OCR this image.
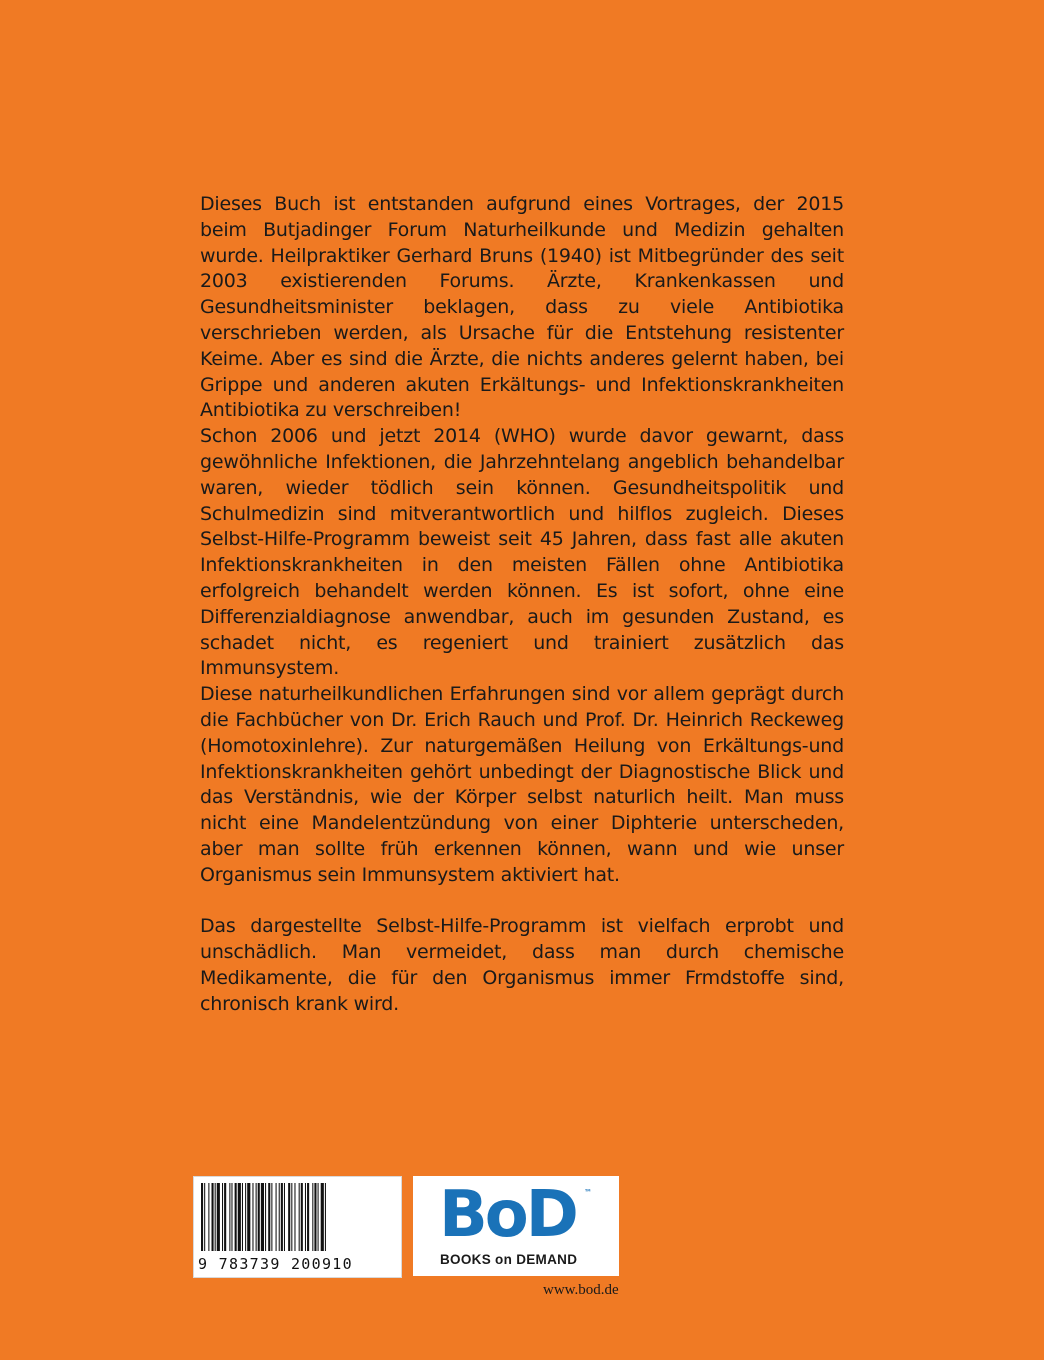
Dieses Buch ist entstanden aufgrund eines Vortrages, der 2015 beim Butjadinger Forum Naturheilkunde und Medizin gehalten wurde. Heilpraktiker Gerhard Bruns (1940) ist Mitbegründer des seit 2003 existierenden Forums. Ärzte, Krankenkassen und Gesundheitsminister beklagen, dass zu viele Antibiotika verschrieben werden, als Ursache für die Entstehung resistenter Keime. Aber es sind die Ärzte, die nichts anderes gelernt haben, bei Grippe und anderen akuten Erkältungs- und Infektionskrankheiten Antibiotika zu verschreiben!

Schon 2006 und jetzt 2014 (WHO) wurde davor gewarnt, dass gewöhnliche Infektionen, die Jahrzehntelang angeblich behandelbar waren, wieder tödlich sein können. Gesundheitspolitik und Schulmedizin sind mitverantwortlich und hilflos zugleich. Dieses Selbst-Hilfe-Programm beweist seit 45 Jahren, dass fast alle akuten Infektionskrankheiten in den meisten Fällen ohne Antibiotika erfolgreich behandelt werden können. Es ist sofort, ohne eine Differenzialdiagnose anwendbar, auch im gesunden Zustand, es schadet nicht, es regeniert und trainiert zusätzlich das Immunsystem.

Diese naturheilkundlichen Erfahrungen sind vor allem geprägt durch die Fachbücher von Dr. Erich Rauch und Prof. Dr. Heinrich Reckeweg (Homotoxinlehre). Zur naturgemäßen Heilung von Erkältungs-und Infektionskrankheiten gehört unbedingt der Diagnostische Blick und das Verständnis, wie der Körper selbst naturlich heilt. Man muss nicht eine Mandelentzündung von einer Diphterie unterscheden, aber man sollte früh erkennen können, wann und wie unser Organismus sein Immunsystem aktiviert hat.

Das dargestellte Selbst-Hilfe-Programm ist vielfach erprobt und unschädlich. Man vermeidet, dass man durch chemische Medikamente, die für den Organismus immer Frmdstoffe sind, chronisch krank wird.

9 783739 200910
BoD ™
BOOKS on DEMAND
www.bod.de
